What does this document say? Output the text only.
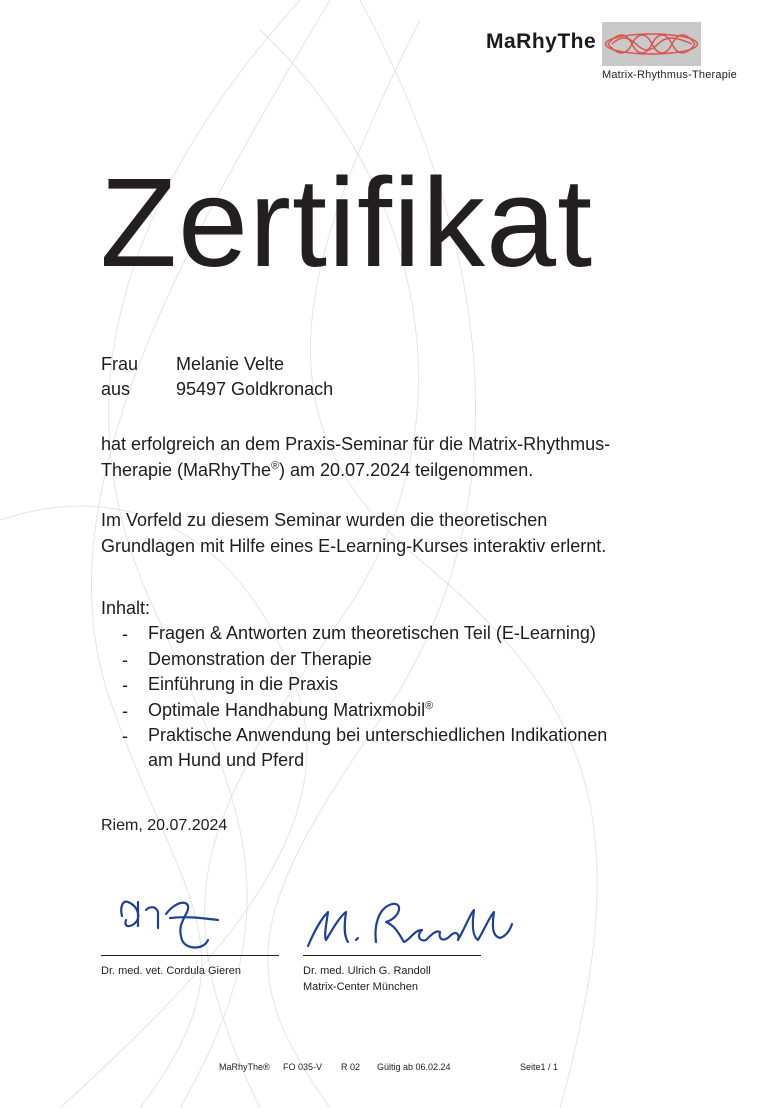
MaRhyThe
Matrix-Rhythmus-Therapie
Zertifikat
Frau Melanie Velte
aus	95497 Goldkronach
hat erfolgreich an dem Praxis-Seminar für die Matrix-Rhythmus-
Therapie (MaRhyThe®) am 20.07.2024 teilgenommen.
Im Vorfeld zu diesem Seminar wurden die theoretischen
Grundlagen mit Hilfe eines E-Learning-Kurses interaktiv erlernt.
Inhalt:
- Fragen & Antworten zum theoretischen Teil (E-Learning)
- Demonstration der Therapie
- Einführung in die Praxis
- Optimale Handhabung Matrixmobil®
- Praktische Anwendung bei unterschiedlichen Indikationen
am Hund und Pferd
Riem, 20.07.2024
Dr. med. vet. Cordula Gieren	Dr. med. Ulrich G. Randoll
Matrix-Center München
MaRhyThe® FO 035-V R 02 Gültig ab 06.02.24	Seite1 / 1
